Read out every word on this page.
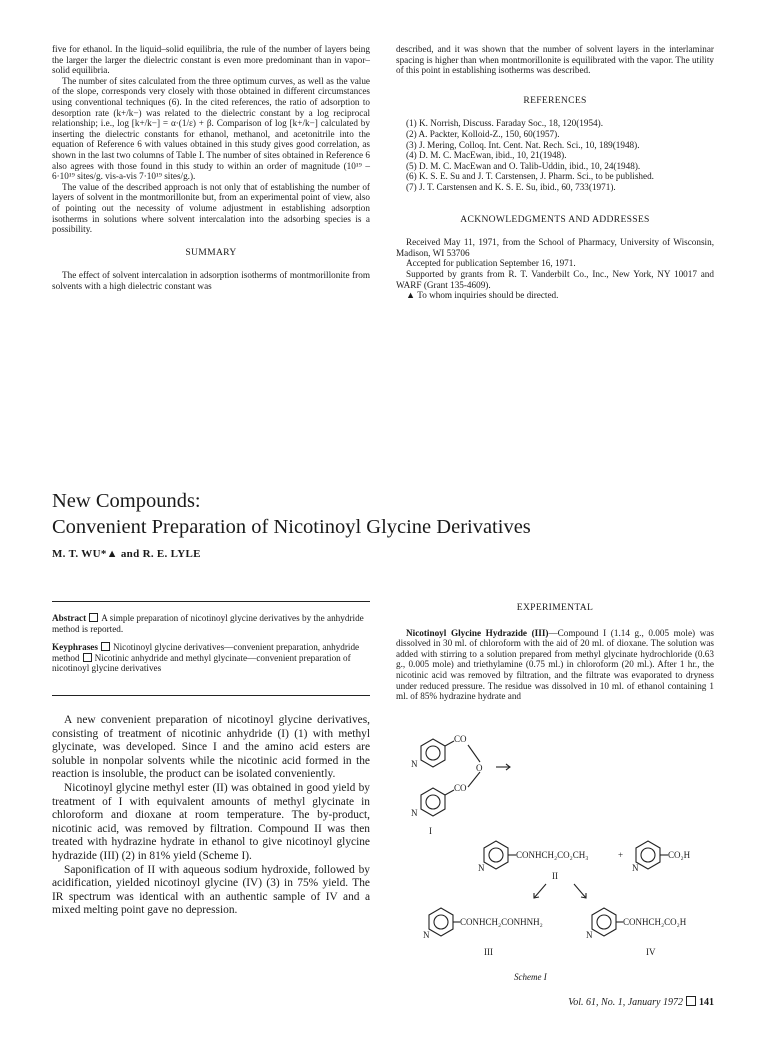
five for ethanol. In the liquid–solid equilibria, the rule of the number of layers being the larger the larger the dielectric constant is even more predominant than in vapor–solid equilibria.

The number of sites calculated from the three optimum curves, as well as the value of the slope, corresponds very closely with those obtained in different circumstances using conventional techniques (6). In the cited references, the ratio of adsorption to desorption rate (k+/k−) was related to the dielectric constant by a log reciprocal relationship; i.e., log [k+/k−] = α·(1/ε) + β. Comparison of log [k+/k−] calculated by inserting the dielectric constants for ethanol, methanol, and acetonitrile into the equation of Reference 6 with values obtained in this study gives good correlation, as shown in the last two columns of Table I. The number of sites obtained in Reference 6 also agrees with those found in this study to within an order of magnitude (10¹⁹ – 6·10¹⁹ sites/g. vis-a-vis 7·10¹⁹ sites/g.).

The value of the described approach is not only that of establishing the number of layers of solvent in the montmorillonite but, from an experimental point of view, also of pointing out the necessity of volume adjustment in establishing adsorption isotherms in solutions where solvent intercalation into the adsorbing species is a possibility.

SUMMARY

The effect of solvent intercalation in adsorption isotherms of montmorillonite from solvents with a high dielectric constant was

described, and it was shown that the number of solvent layers in the interlaminar spacing is higher than when montmorillonite is equilibrated with the vapor. The utility of this point in establishing isotherms was described.

REFERENCES

(1) K. Norrish, Discuss. Faraday Soc., 18, 120(1954).

(2) A. Packter, Kolloid-Z., 150, 60(1957).

(3) J. Mering, Colloq. Int. Cent. Nat. Rech. Sci., 10, 189(1948).

(4) D. M. C. MacEwan, ibid., 10, 21(1948).

(5) D. M. C. MacEwan and O. Talib-Uddin, ibid., 10, 24(1948).

(6) K. S. E. Su and J. T. Carstensen, J. Pharm. Sci., to be published.

(7) J. T. Carstensen and K. S. E. Su, ibid., 60, 733(1971).

ACKNOWLEDGMENTS AND ADDRESSES

Received May 11, 1971, from the School of Pharmacy, University of Wisconsin, Madison, WI 53706

Accepted for publication September 16, 1971.

Supported by grants from R. T. Vanderbilt Co., Inc., New York, NY 10017 and WARF (Grant 135-4609).

▲ To whom inquiries should be directed.

New Compounds:
Convenient Preparation of Nicotinoyl Glycine Derivatives
M. T. WU*▲ and R. E. LYLE

Abstract A simple preparation of nicotinoyl glycine derivatives by the anhydride method is reported.

Keyphrases Nicotinoyl glycine derivatives—convenient preparation, anhydride method Nicotinic anhydride and methyl glycinate—convenient preparation of nicotinoyl glycine derivatives

A new convenient preparation of nicotinoyl glycine derivatives, consisting of treatment of nicotinic anhydride (I) (1) with methyl glycinate, was developed. Since I and the amino acid esters are soluble in nonpolar solvents while the nicotinic acid formed in the reaction is insoluble, the product can be isolated conveniently.

Nicotinoyl glycine methyl ester (II) was obtained in good yield by treatment of I with equivalent amounts of methyl glycinate in chloroform and dioxane at room temperature. The by-product, nicotinic acid, was removed by filtration. Compound II was then treated with hydrazine hydrate in ethanol to give nicotinoyl glycine hydrazide (III) (2) in 81% yield (Scheme I).

Saponification of II with aqueous sodium hydroxide, followed by acidification, yielded nicotinoyl glycine (IV) (3) in 75% yield. The IR spectrum was identical with an authentic sample of IV and a mixed melting point gave no depression.

EXPERIMENTAL

Nicotinoyl Glycine Hydrazide (III)—Compound I (1.14 g., 0.005 mole) was dissolved in 30 ml. of chloroform with the aid of 20 ml. of dioxane. The solution was added with stirring to a solution prepared from methyl glycinate hydrochloride (0.63 g., 0.005 mole) and triethylamine (0.75 ml.) in chloroform (20 ml.). After 1 hr., the nicotinic acid was removed by filtration, and the filtrate was evaporated to dryness under reduced pressure. The residue was dissolved in 10 ml. of ethanol containing 1 ml. of 85% hydrazine hydrate and

CO
N	O
CO
N
I
CONHCH₂CO₂CH₃
N
+	CO₂H
N
II
CONHCH₂CONHNH₂
N
CONHCH₂CO₂H
N
III	IV
Scheme I
Vol. 61, No. 1, January 1972 141
